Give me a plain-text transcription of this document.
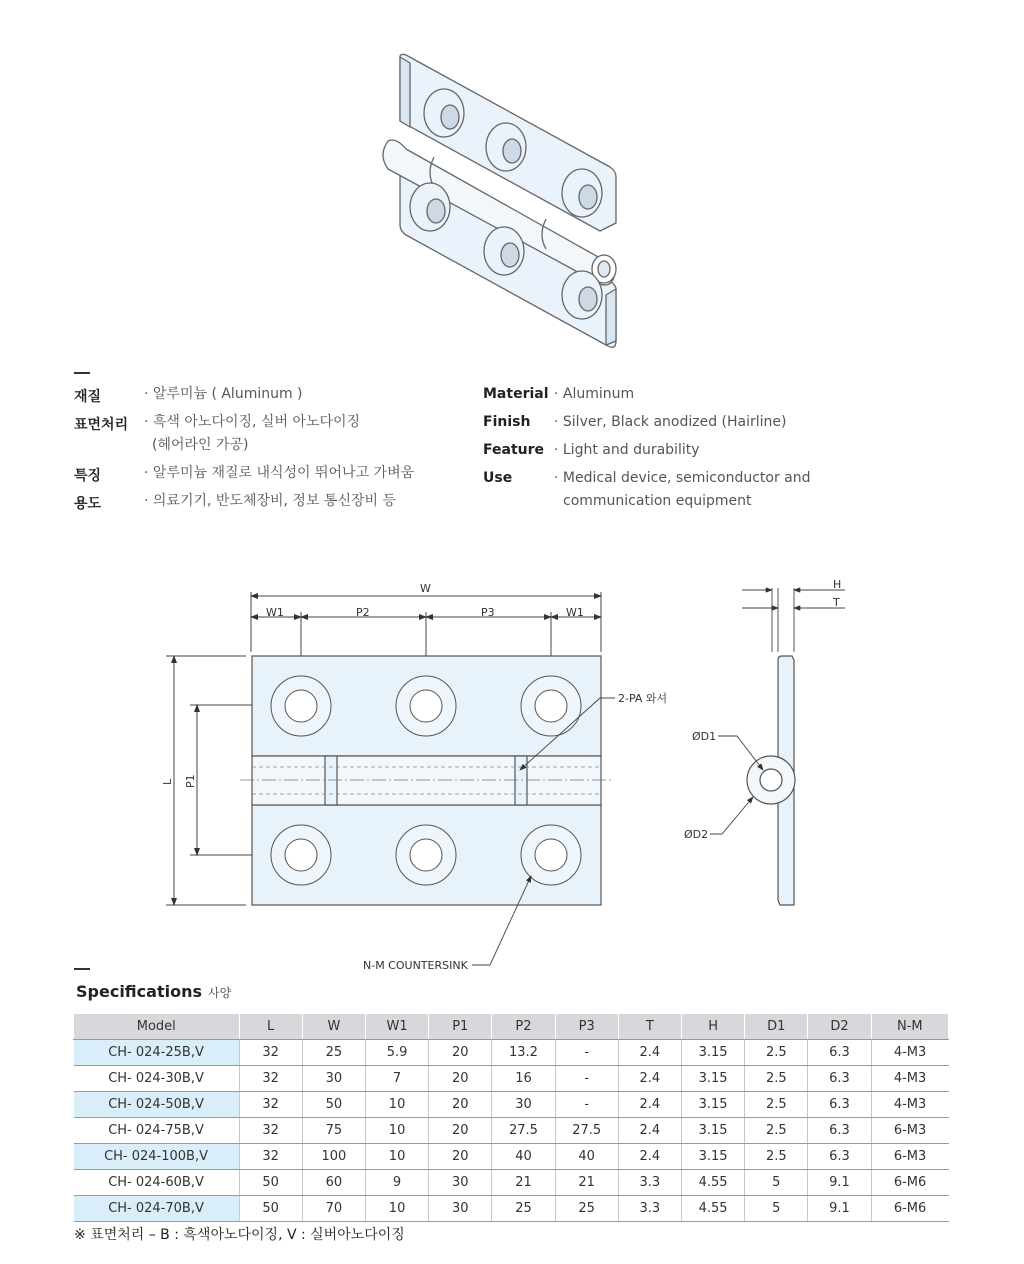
재질	· 알루미늄 ( Aluminum )
표면처리 · 흑색 아노다이징, 실버 아노다이징
(헤어라인 가공)
특징	· 알루미늄 재질로 내식성이 뛰어나고 가벼움
용도	· 의료기기, 반도체장비, 정보 통신장비 등
Material · Aluminum
Finish · Silver, Black anodized (Hairline)
Feature · Light and durability
Use	· Medical device, semiconductor and
communication equipment
W
W1	P2	P3	W1
L P1
2-PA 와셔
N-M COUNTERSINK
H
T
ØD1
ØD2
Specifications 사양
Model	L	W	W1	P1	P2	P3	T	H	D1	D2	N-M
CH- 024-25B,V	32	25	5.9	20	13.2	-	2.4	3.15	2.5	6.3	4-M3
CH- 024-30B,V	32	30	7	20	16	-	2.4	3.15	2.5	6.3	4-M3
CH- 024-50B,V	32	50	10	20	30	-	2.4	3.15	2.5	6.3	4-M3
CH- 024-75B,V	32	75	10	20	27.5	27.5	2.4	3.15	2.5	6.3	6-M3
CH- 024-100B,V	32	100	10	20	40	40	2.4	3.15	2.5	6.3	6-M3
CH- 024-60B,V	50	60	9	30	21	21	3.3	4.55	5	9.1	6-M6
CH- 024-70B,V	50	70	10	30	25	25	3.3	4.55	5	9.1	6-M6
※ 표면처리 – B : 흑색아노다이징, V : 실버아노다이징
